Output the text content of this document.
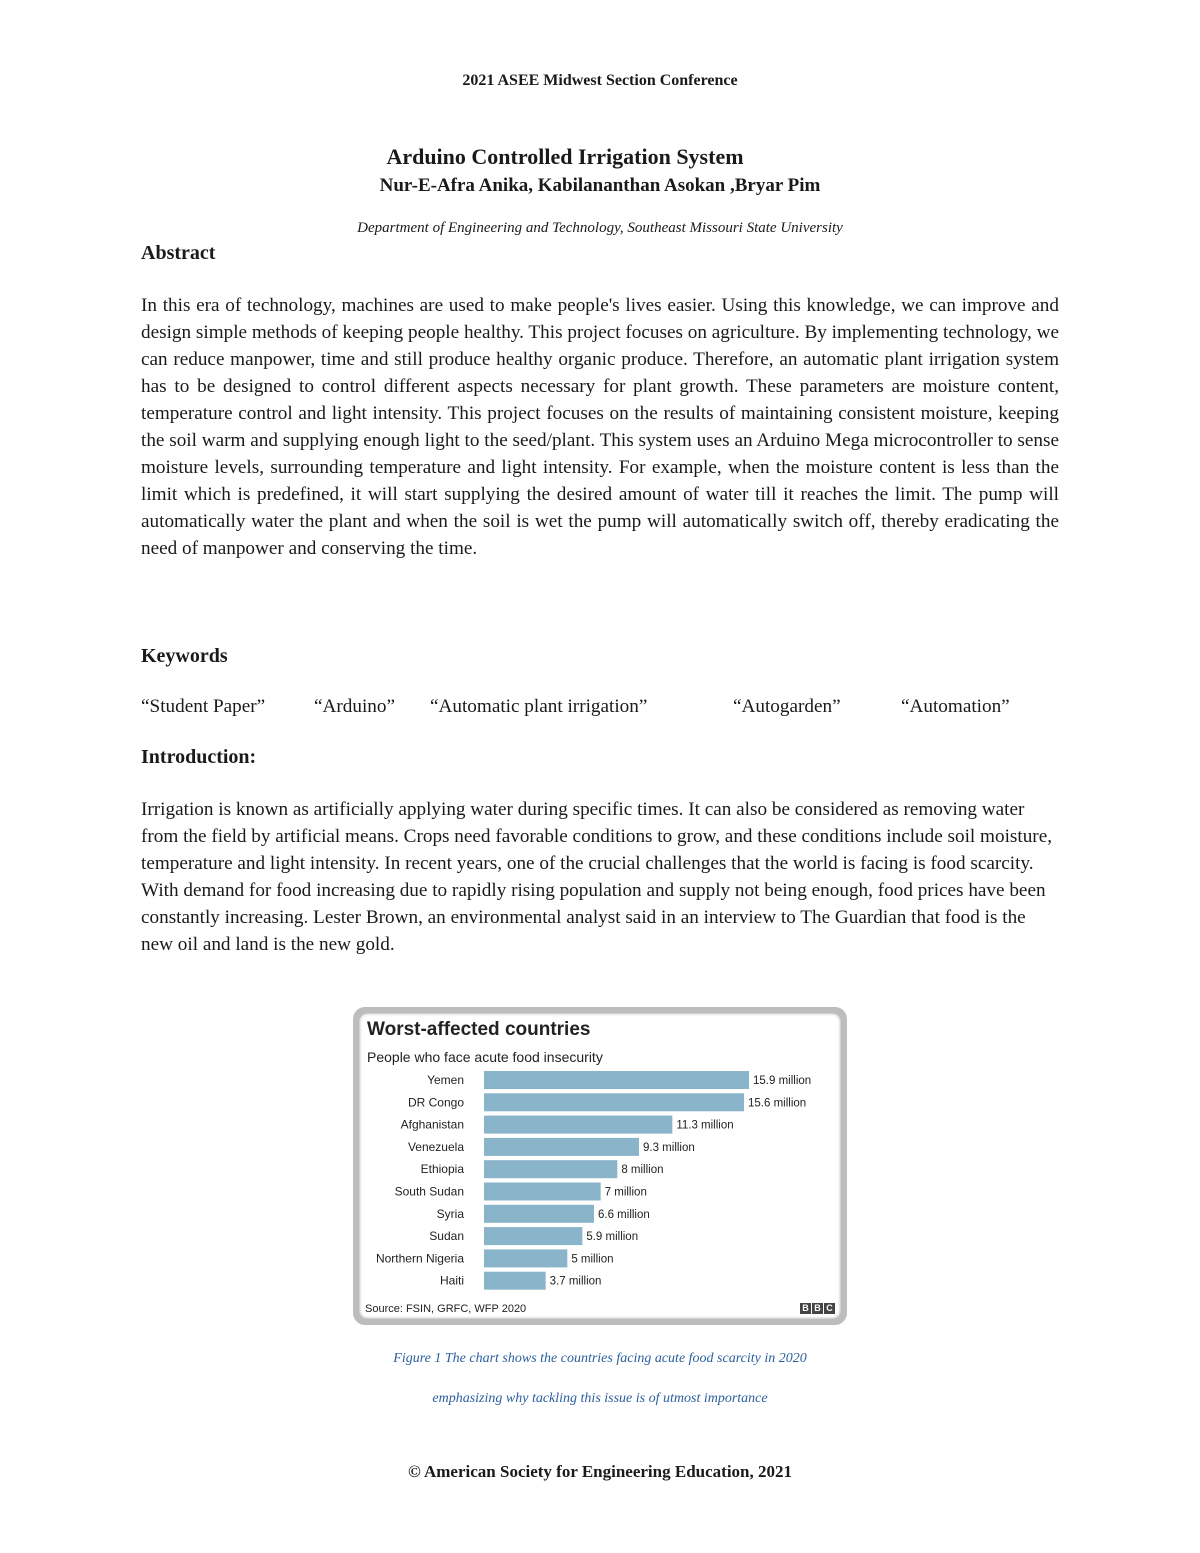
2021 ASEE Midwest Section Conference
Arduino Controlled Irrigation System
Nur-E-Afra Anika, Kabilananthan Asokan ,Bryar Pim
Department of Engineering and Technology, Southeast Missouri State University
Abstract

In this era of technology, machines are used to make people's lives easier. Using this knowledge, we can improve and design simple methods of keeping people healthy. This project focuses on agriculture. By implementing technology, we can reduce manpower, time and still produce healthy organic produce. Therefore, an automatic plant irrigation system has to be designed to control different aspects necessary for plant growth. These parameters are moisture content, temperature control and light intensity. This project focuses on the results of maintaining consistent moisture, keeping the soil warm and supplying enough light to the seed/plant. This system uses an Arduino Mega microcontroller to sense moisture levels, surrounding temperature and light intensity. For example, when the moisture content is less than the limit which is predefined, it will start supplying the desired amount of water till it reaches the limit. The pump will automatically water the plant and when the soil is wet the pump will automatically switch off, thereby eradicating the need of manpower and conserving the time.

Keywords
“Student Paper”	“Arduino” “Automatic plant irrigation”	“Autogarden”	“Automation”
Introduction:

Irrigation is known as artificially applying water during specific times. It can also be considered as removing water from the field by artificial means. Crops need favorable conditions to grow, and these conditions include soil moisture, temperature and light intensity. In recent years, one of the crucial challenges that the world is facing is food scarcity. With demand for food increasing due to rapidly rising population and supply not being enough, food prices have been constantly increasing. Lester Brown, an environmental analyst said in an interview to The Guardian that food is the new oil and land is the new gold.

Worst-affected countries
People who face acute food insecurity
Yemen	15.9 million
DR Congo	15.6 million
Afghanistan	11.3 million
Venezuela	9.3 million
Ethiopia	8 million
South Sudan	7 million
Syria	6.6 million
Sudan	5.9 million
Northern Nigeria	5 million
Haiti	3.7 million
Source: FSIN, GRFC, WFP 2020	B B C
Figure 1 The chart shows the countries facing acute food scarcity in 2020
emphasizing why tackling this issue is of utmost importance
© American Society for Engineering Education, 2021
